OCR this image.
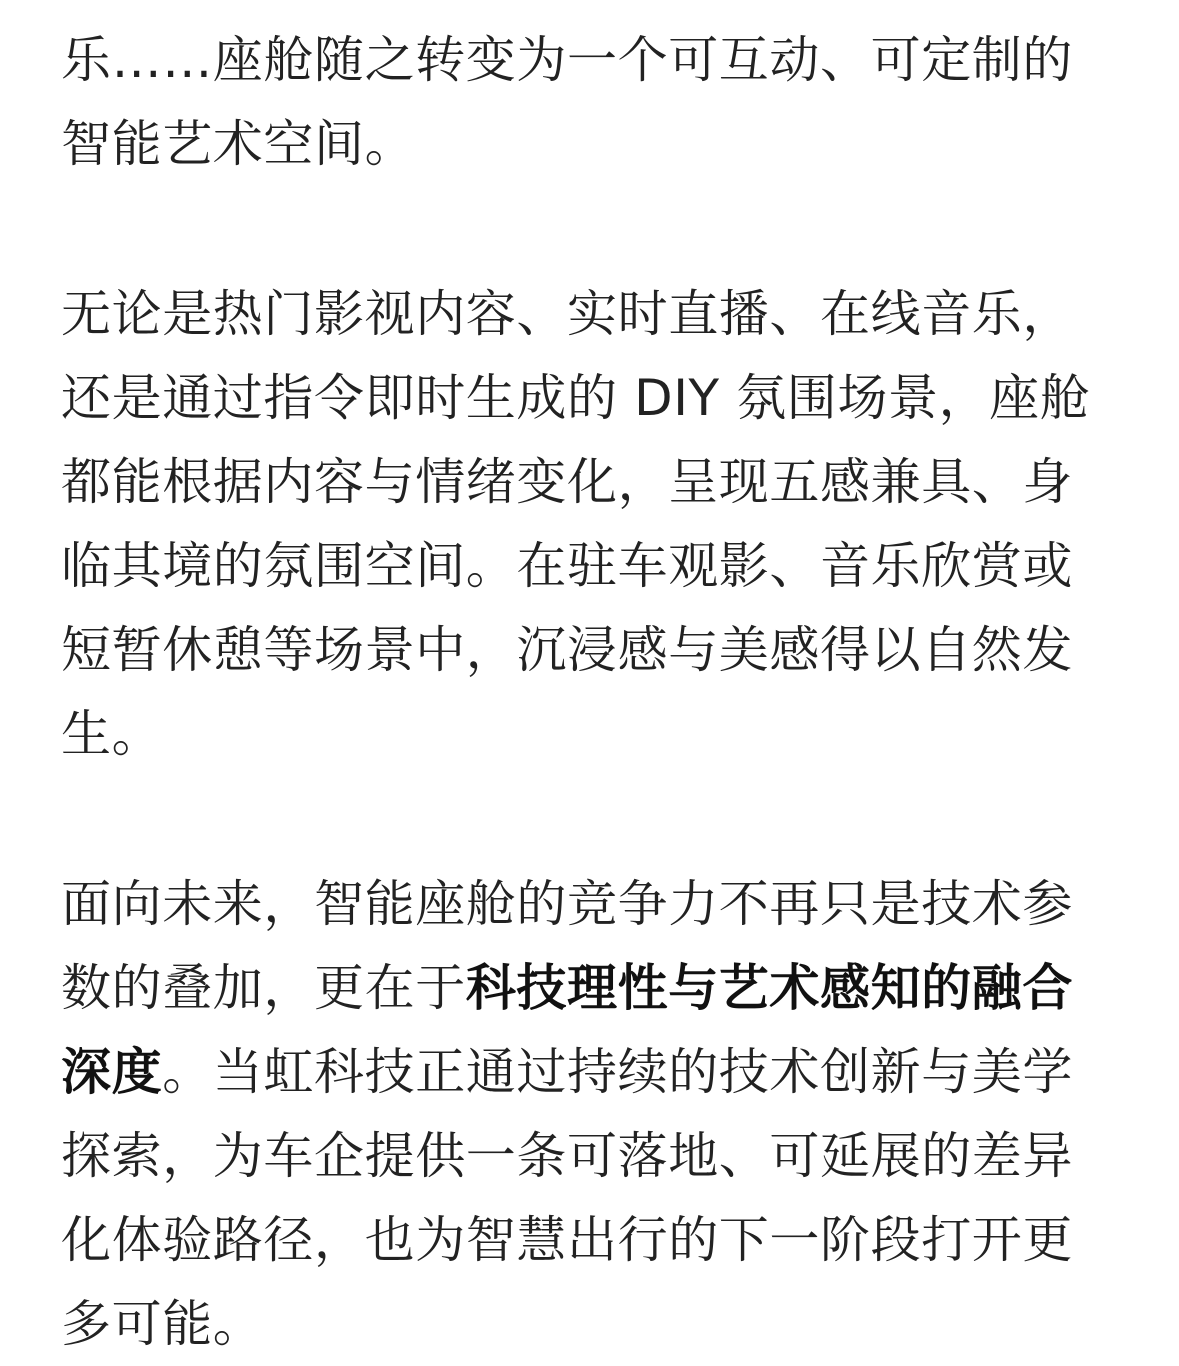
乐……座舱随之转变为一个可互动、可定制的智能艺术空间。

无论是热门影视内容、实时直播、在线音乐，还是通过指令即时生成的 DIY 氛围场景，座舱都能根据内容与情绪变化，呈现五感兼具、身临其境的氛围空间。在驻车观影、音乐欣赏或短暂休憩等场景中，沉浸感与美感得以自然发生。

面向未来，智能座舱的竞争力不再只是技术参数的叠加，更在于科技理性与艺术感知的融合深度。当虹科技正通过持续的技术创新与美学探索，为车企提供一条可落地、可延展的差异化体验路径，也为智慧出行的下一阶段打开更多可能。
